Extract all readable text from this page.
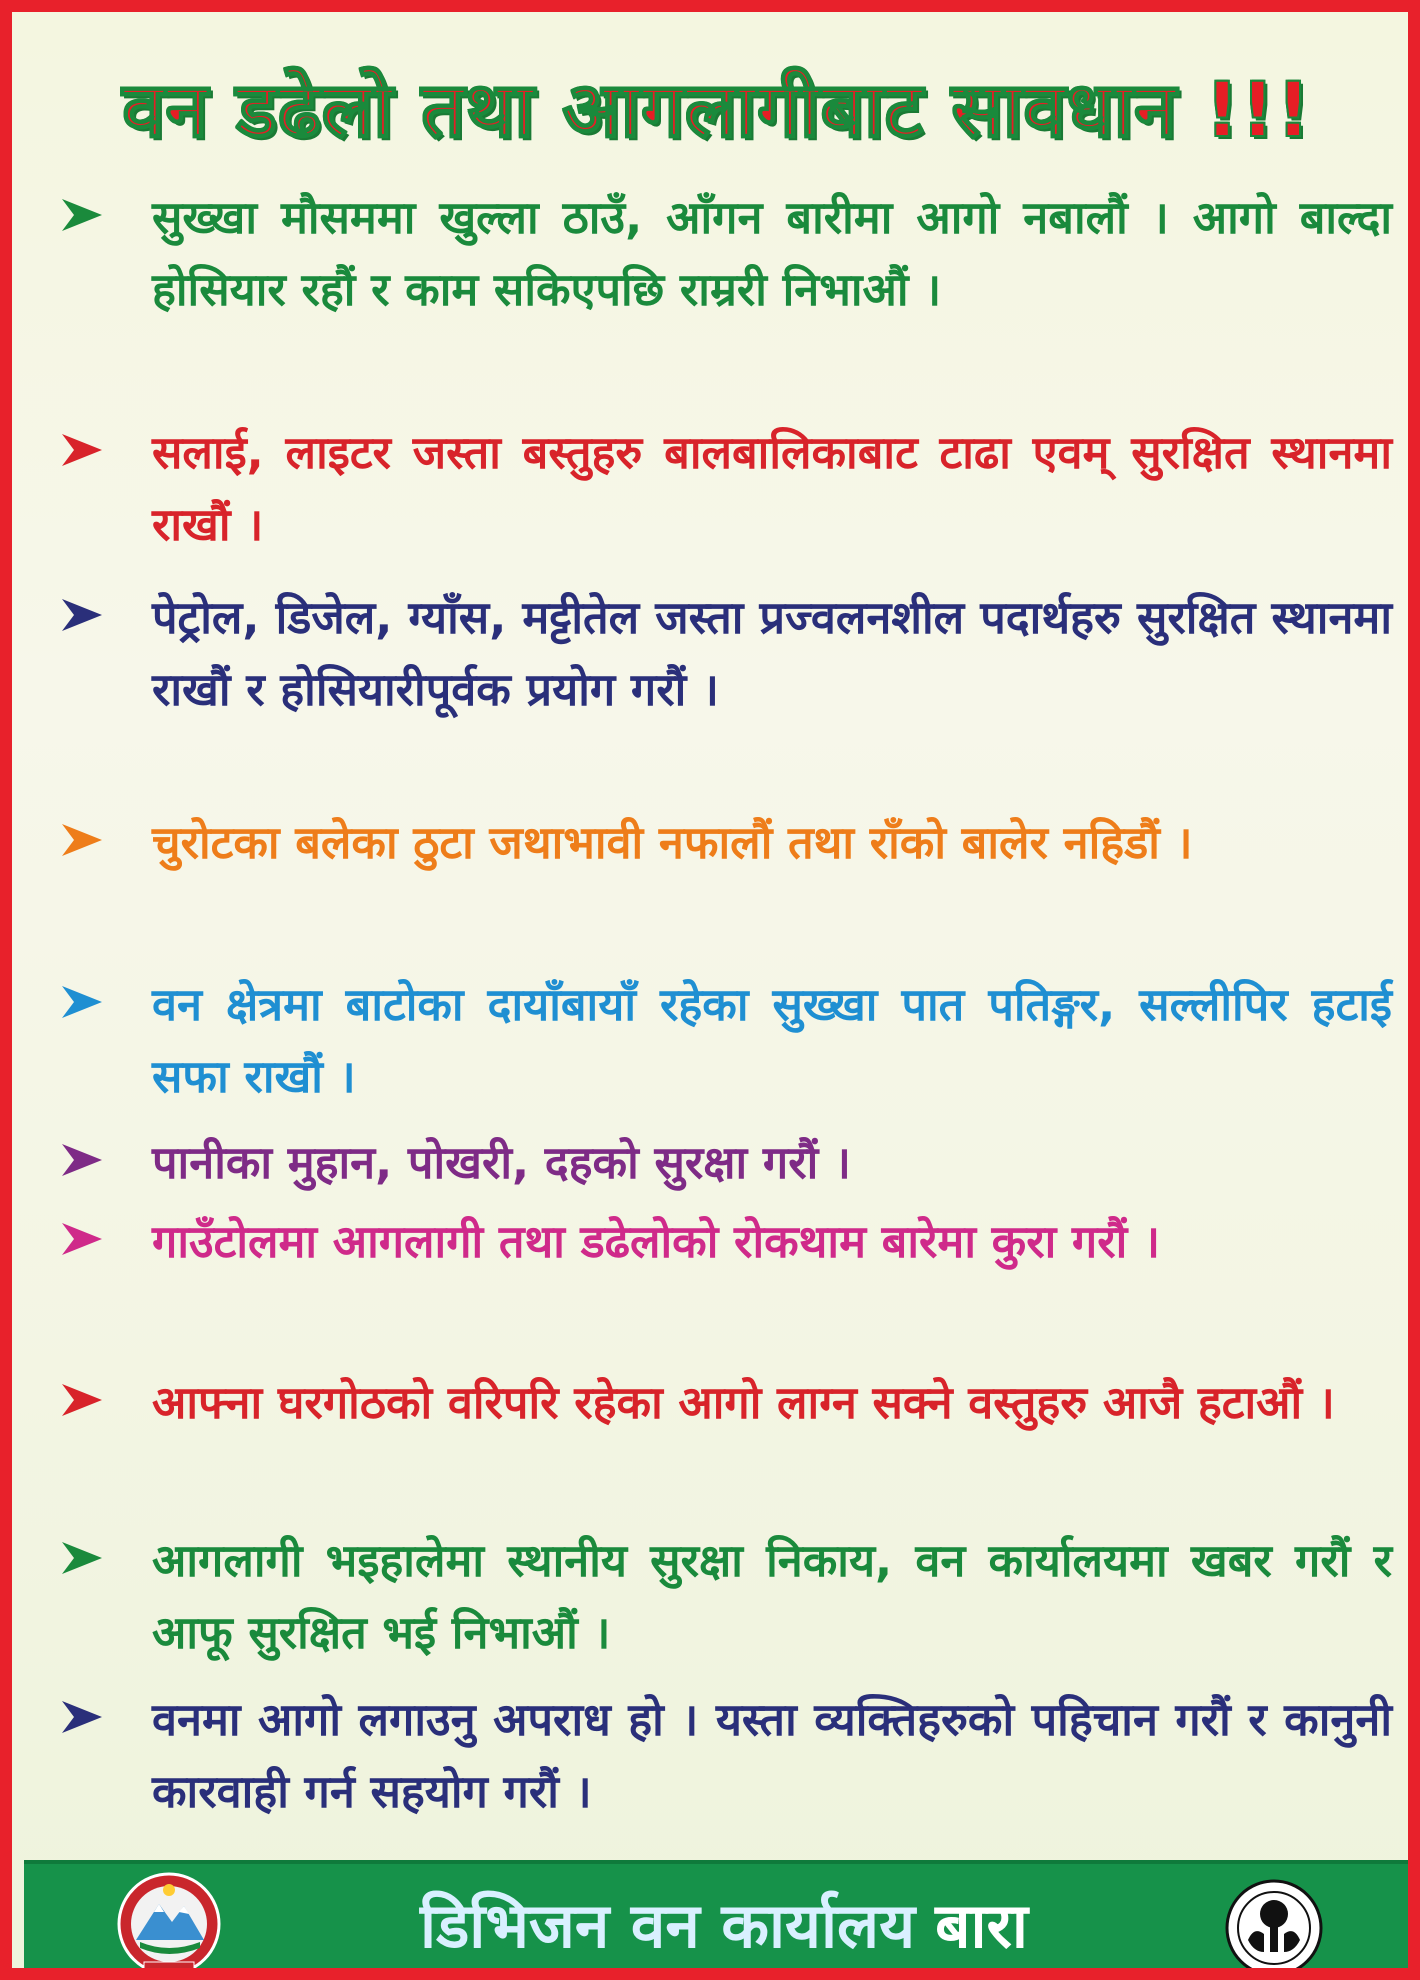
वन डढेलो तथा आगलागीबाट सावधान !!!
सुख्खा मौसममा खुल्ला ठाउँ, आँगन बारीमा आगो नबालौं । आगो बाल्दा होसियार रहौं र काम सकिएपछि राम्ररी निभाऔं ।
सलाई, लाइटर जस्ता बस्तुहरु बालबालिकाबाट टाढा एवम् सुरक्षित स्थानमा राखौं ।
पेट्रोल, डिजेल, ग्याँस, मट्टीतेल जस्ता प्रज्वलनशील पदार्थहरु सुरक्षित स्थानमा राखौं र होसियारीपूर्वक प्रयोग गरौं ।
चुरोटका बलेका ठुटा जथाभावी नफालौं तथा राँको बालेर नहिडौं ।
वन क्षेत्रमा बाटोका दायाँबायाँ रहेका सुख्खा पात पतिङ्गर, सल्लीपिर हटाई सफा राखौं ।
पानीका मुहान, पोखरी, दहको सुरक्षा गरौं ।
गाउँटोलमा आगलागी तथा डढेलोको रोकथाम बारेमा कुरा गरौं ।
आफ्ना घरगोठको वरिपरि रहेका आगो लाग्न सक्ने वस्तुहरु आजै हटाऔं ।
आगलागी भइहालेमा स्थानीय सुरक्षा निकाय, वन कार्यालयमा खबर गरौं र आफू सुरक्षित भई निभाऔं ।
वनमा आगो लगाउनु अपराध हो । यस्ता व्यक्तिहरुको पहिचान गरौं र कानुनी कारवाही गर्न सहयोग गरौं ।
डिभिजन वन कार्यालय बारा
